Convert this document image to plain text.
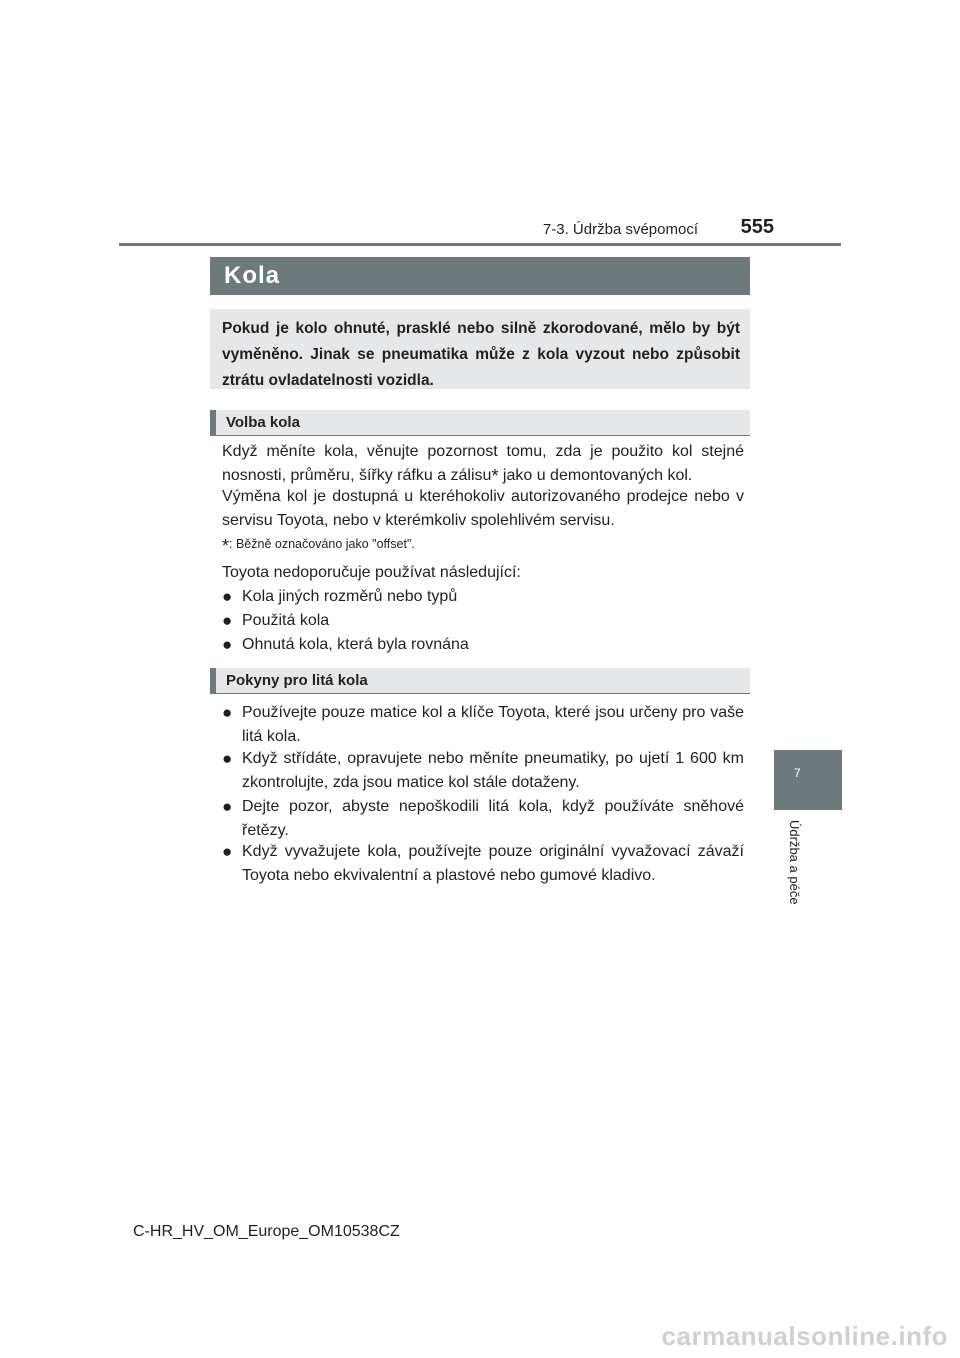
7-3. Údržba svépomocí 555
Kola

Pokud je kolo ohnuté, prasklé nebo silně zkorodované, mělo by být vyměněno. Jinak se pneumatika může z kola vyzout nebo způsobit ztrátu ovladatelnosti vozidla.

Volba kola

Když měníte kola, věnujte pozornost tomu, zda je použito kol stejné nosnosti, průměru, šířky ráfku a zálisu* jako u demontovaných kol.

Výměna kol je dostupná u kteréhokoliv autorizovaného prodejce nebo v servisu Toyota, nebo v kterémkoliv spolehlivém servisu.

*: Běžně označováno jako "offset".

Toyota nedoporučuje používat následující:

● Kola jiných rozměrů nebo typů
● Použitá kola
● Ohnutá kola, která byla rovnána
Pokyny pro litá kola
● Používejte pouze matice kol a klíče Toyota, které jsou určeny pro vaše litá kola.
● Když střídáte, opravujete nebo měníte pneumatiky, po ujetí 1 600 km zkontrolujte, zda jsou matice kol stále dotaženy.
● Dejte pozor, abyste nepoškodili litá kola, když používáte sněhové řetězy.
● Když vyvažujete kola, používejte pouze originální vyvažovací závaží Toyota nebo ekvivalentní a plastové nebo gumové kladivo.
7
Údržba a péče
C-HR_HV_OM_Europe_OM10538CZ
carmanualsonline.info
